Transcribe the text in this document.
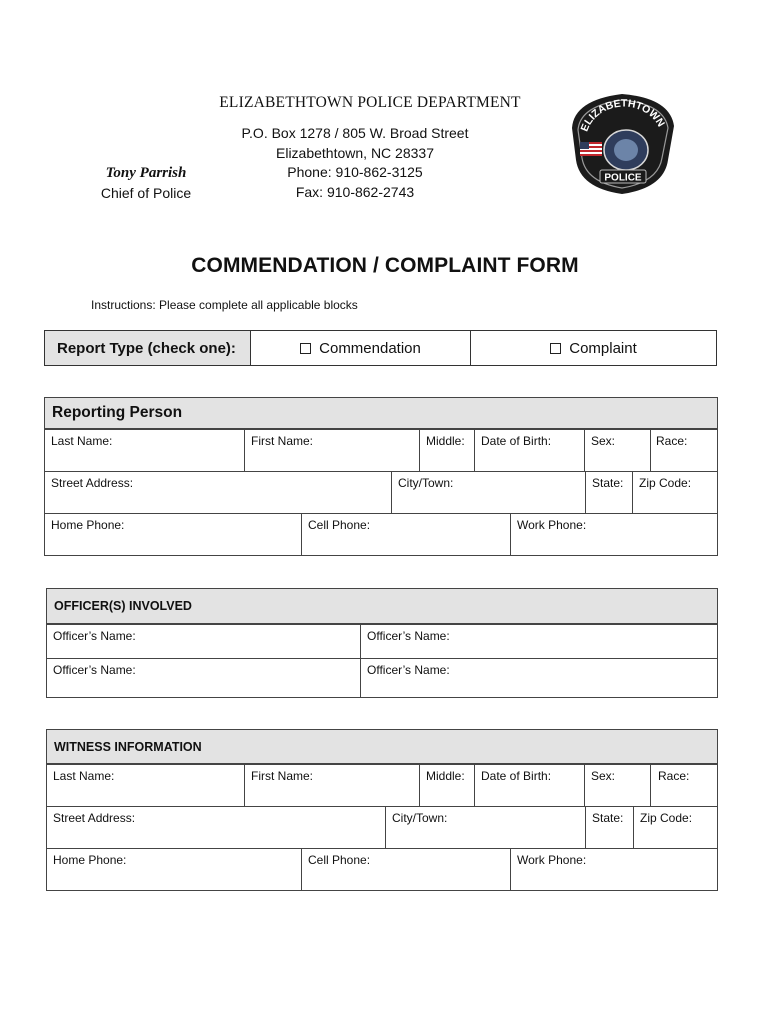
ELIZABETHTOWN POLICE DEPARTMENT
P.O. Box 1278 / 805 W. Broad Street
Elizabethtown, NC 28337
Phone: 910-862-3125
Fax: 910-862-2743
Tony Parrish
Chief of Police
ELIZABETHTOWN
POLICE
COMMENDATION / COMPLAINT FORM
Instructions: Please complete all applicable blocks
Report Type (check one):	Commendation	Complaint
Reporting Person
Last Name:	First Name:	Middle:	Date of Birth:	Sex:	Race:
Street Address:	City/Town:	State:	Zip Code:
Home Phone:	Cell Phone:	Work Phone:
OFFICER(S) INVOLVED
Officer’s Name:	Officer’s Name:
Officer’s Name:	Officer’s Name:
WITNESS INFORMATION
Last Name:	First Name:	Middle:	Date of Birth:	Sex:	Race:
Street Address:	City/Town:	State:	Zip Code:
Home Phone:	Cell Phone:	Work Phone:
